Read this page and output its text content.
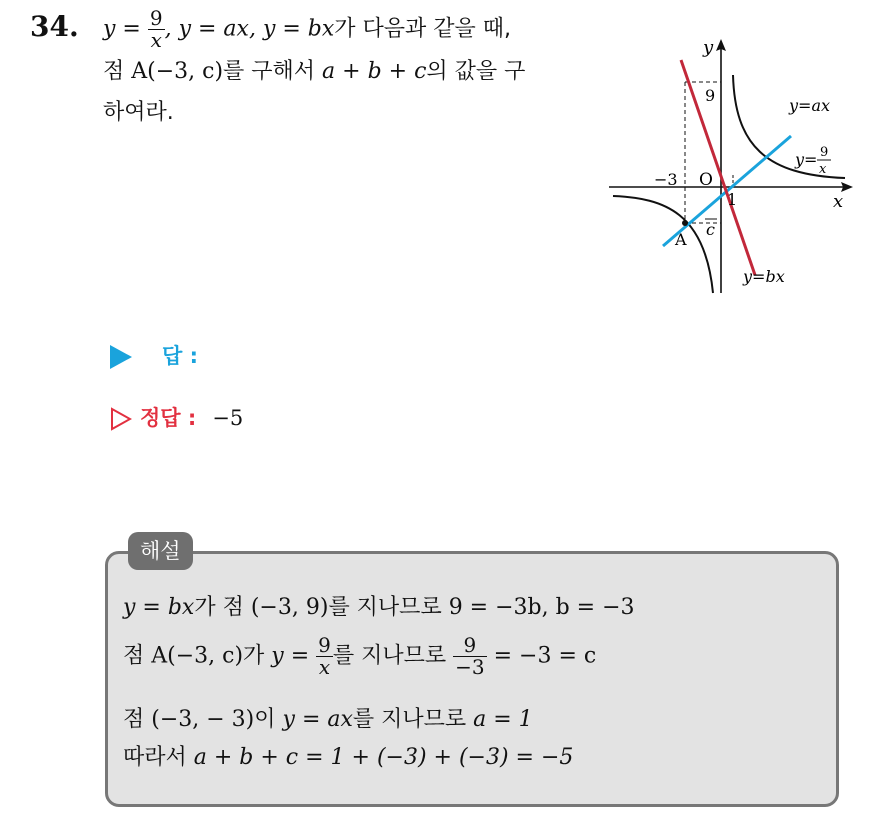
34. $y = \frac{9}{x}$ , y = ax, y = bx가 다음과 같을 때,
점 A(−3, c)를 구해서 a + b + c의 값을 구
하여라.
y
x
O
9
−3
1
c
A
y=ax
y=bx
y= 9
x
답 :
정답 : −5
해설
y = bx가 점 (−3, 9)를 지나므로 9 = −3b, b = −3
점 A(−3, c)가 $y = \frac{9}{x}$ 를 지나므로 $\frac{9}{-3} = -3 = c$
점 (−3, − 3)이 y = ax를 지나므로 a = 1
따라서 a + b + c = 1 + (−3) + (−3) = −5
